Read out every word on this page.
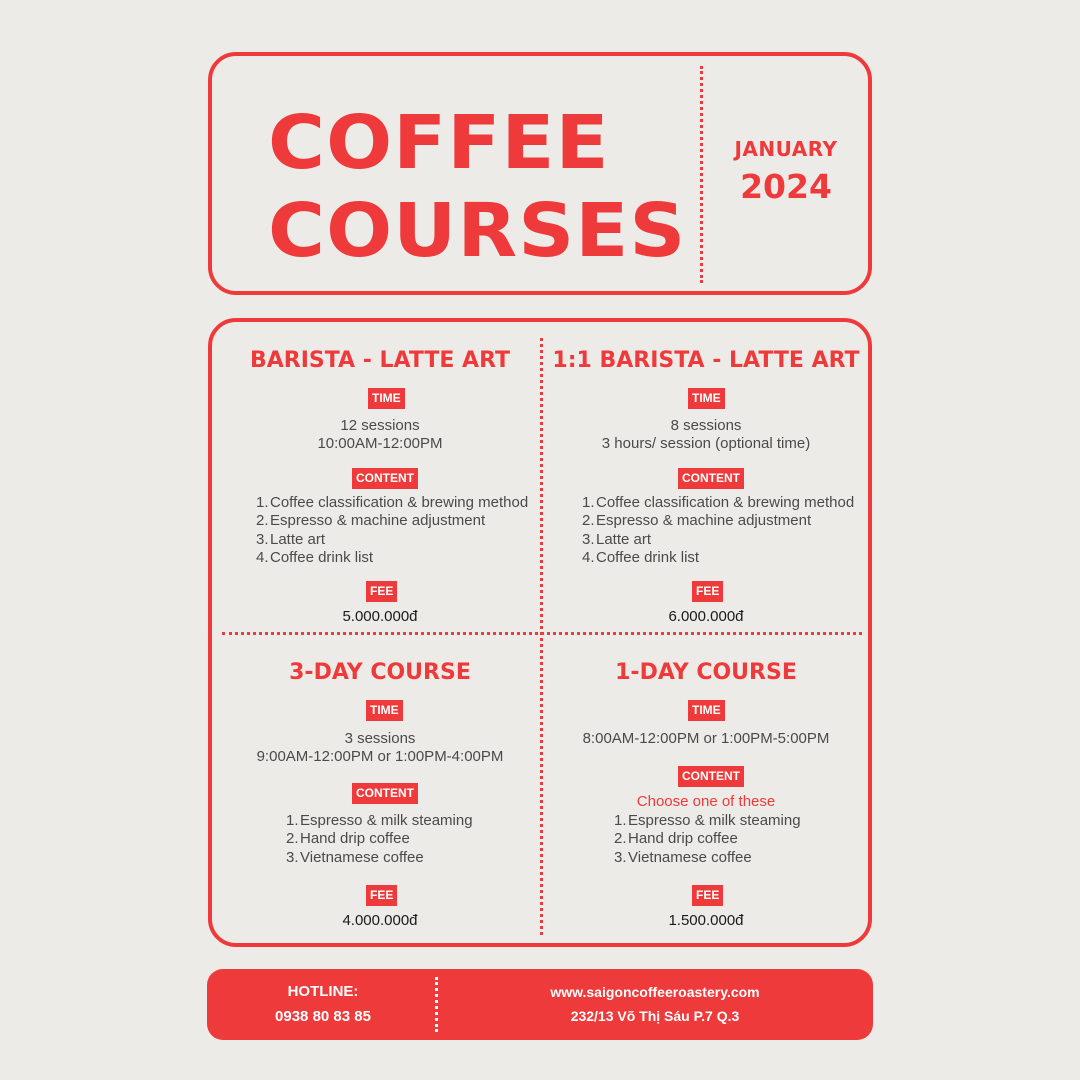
COFFEE
COURSES
JANUARY
2024
BARISTA - LATTE ART
TIME
12 sessions
10:00AM-12:00PM
CONTENT
1.Coffee classification & brewing method
2.Espresso & machine adjustment
3.Latte art
4.Coffee drink list
FEE
5.000.000đ
1:1 BARISTA - LATTE ART
TIME
8 sessions
3 hours/ session (optional time)
CONTENT
1.Coffee classification & brewing method
2.Espresso & machine adjustment
3.Latte art
4.Coffee drink list
FEE
6.000.000đ
3-DAY COURSE
TIME
3 sessions
9:00AM-12:00PM or 1:00PM-4:00PM
CONTENT
1.Espresso & milk steaming
2.Hand drip coffee
3.Vietnamese coffee
FEE
4.000.000đ
1-DAY COURSE
TIME
8:00AM-12:00PM or 1:00PM-5:00PM
CONTENT
Choose one of these
1.Espresso & milk steaming
2.Hand drip coffee
3.Vietnamese coffee
FEE
1.500.000đ
HOTLINE:
0938 80 83 85
www.saigoncoffeeroastery.com
232/13 Võ Thị Sáu P.7 Q.3
